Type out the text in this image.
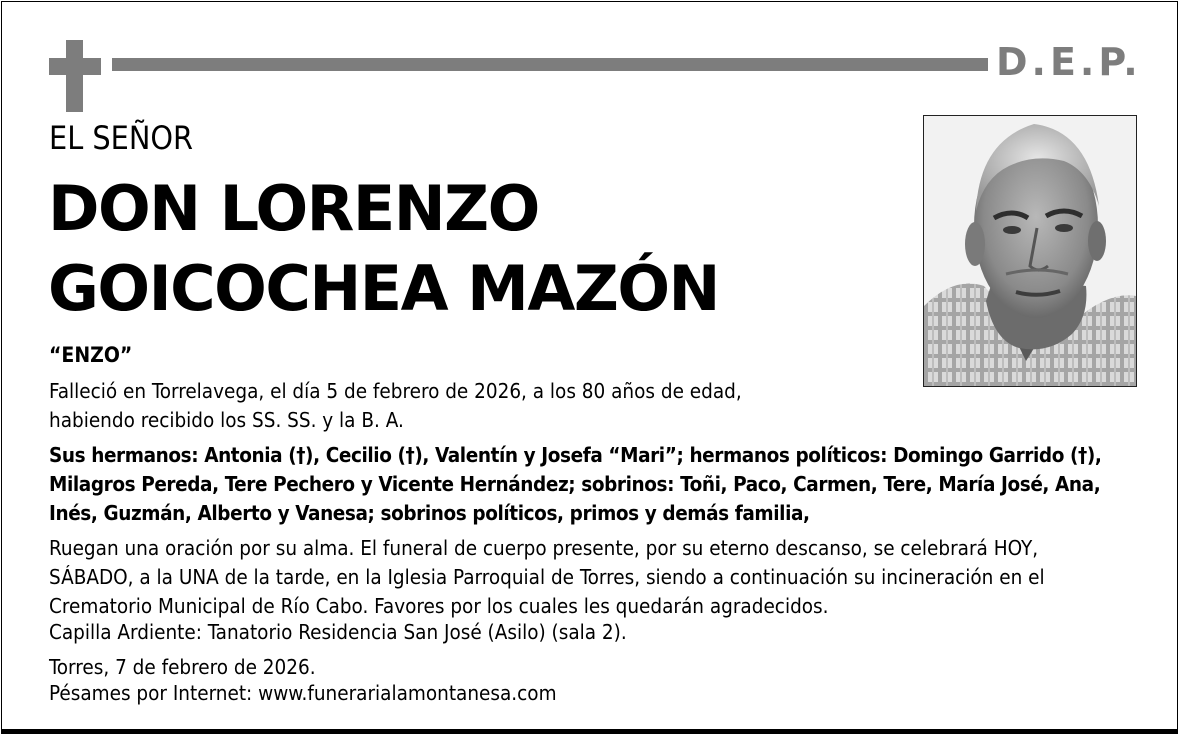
D.E.P.
EL SEÑOR
DON LORENZO
GOICOCHEA MAZÓN
“ENZO”
Falleció en Torrelavega, el día 5 de febrero de 2026, a los 80 años de edad,
habiendo recibido los SS. SS. y la B. A.
Sus hermanos: Antonia (†), Cecilio (†), Valentín y Josefa “Mari”; hermanos políticos: Domingo Garrido (†),
Milagros Pereda, Tere Pechero y Vicente Hernández; sobrinos: Toñi, Paco, Carmen, Tere, María José, Ana,
Inés, Guzmán, Alberto y Vanesa; sobrinos políticos, primos y demás familia,
Ruegan una oración por su alma. El funeral de cuerpo presente, por su eterno descanso, se celebrará HOY,
SÁBADO, a la UNA de la tarde, en la Iglesia Parroquial de Torres, siendo a continuación su incineración en el
Crematorio Municipal de Río Cabo. Favores por los cuales les quedarán agradecidos.
Capilla Ardiente: Tanatorio Residencia San José (Asilo) (sala 2).
Torres, 7 de febrero de 2026.
Pésames por Internet: www.funerarialamontanesa.com
